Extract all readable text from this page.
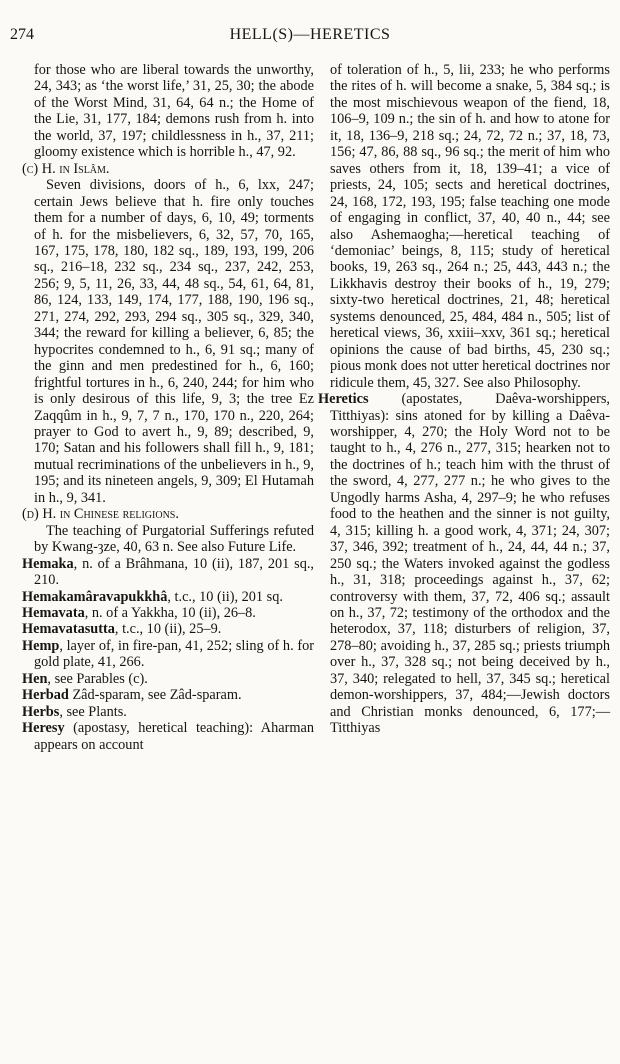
274	HELL(S)—HERETICS

for those who are liberal towards the unworthy, 24, 343; as ‘the worst life,’ 31, 25, 30; the abode of the Worst Mind, 31, 64, 64 n.; the Home of the Lie, 31, 177, 184; demons rush from h. into the world, 37, 197; childlessness in h., 37, 211; gloomy existence which is horrible h., 47, 92.

(c) H. in Islâm.

Seven divisions, doors of h., 6, lxx, 247; certain Jews believe that h. fire only touches them for a number of days, 6, 10, 49; torments of h. for the misbelievers, 6, 32, 57, 70, 165, 167, 175, 178, 180, 182 sq., 189, 193, 199, 206 sq., 216–18, 232 sq., 234 sq., 237, 242, 253, 256; 9, 5, 11, 26, 33, 44, 48 sq., 54, 61, 64, 81, 86, 124, 133, 149, 174, 177, 188, 190, 196 sq., 271, 274, 292, 293, 294 sq., 305 sq., 329, 340, 344; the reward for killing a believer, 6, 85; the hypocrites condemned to h., 6, 91 sq.; many of the ginn and men predestined for h., 6, 160; frightful tortures in h., 6, 240, 244; for him who is only desirous of this life, 9, 3; the tree Ez Zaqqûm in h., 9, 7, 7 n., 170, 170 n., 220, 264; prayer to God to avert h., 9, 89; described, 9, 170; Satan and his followers shall fill h., 9, 181; mutual recriminations of the unbelievers in h., 9, 195; and its nineteen angels, 9, 309; El Hutamah in h., 9, 341.

(d) H. in Chinese religions.

The teaching of Purgatorial Sufferings refuted by Kwang-ȝze, 40, 63 n. See also Future Life.

Hemaka, n. of a Brâhmana, 10 (ii), 187, 201 sq., 210.

Hemakamâravapukkhâ, t.c., 10 (ii), 201 sq.

Hemavata, n. of a Yakkha, 10 (ii), 26–8.

Hemavatasutta, t.c., 10 (ii), 25–9.

Hemp, layer of, in fire-pan, 41, 252; sling of h. for gold plate, 41, 266.

Hen, see Parables (c).

Herbad Zâd-sparam, see Zâd-sparam.

Herbs, see Plants.

Heresy (apostasy, heretical teaching): Aharman appears on account

of toleration of h., 5, lii, 233; he who performs the rites of h. will become a snake, 5, 384 sq.; is the most mischievous weapon of the fiend, 18, 106–9, 109 n.; the sin of h. and how to atone for it, 18, 136–9, 218 sq.; 24, 72, 72 n.; 37, 18, 73, 156; 47, 86, 88 sq., 96 sq.; the merit of him who saves others from it, 18, 139–41; a vice of priests, 24, 105; sects and heretical doctrines, 24, 168, 172, 193, 195; false teaching one mode of engaging in conflict, 37, 40, 40 n., 44; see also Ashemaogha;—heretical teaching of ‘demoniac’ beings, 8, 115; study of heretical books, 19, 263 sq., 264 n.; 25, 443, 443 n.; the Likkhavis destroy their books of h., 19, 279; sixty-two heretical doctrines, 21, 48; heretical systems denounced, 25, 484, 484 n., 505; list of heretical views, 36, xxiii–xxv, 361 sq.; heretical opinions the cause of bad births, 45, 230 sq.; pious monk does not utter heretical doctrines nor ridicule them, 45, 327. See also Philosophy.

Heretics (apostates, Daêva-worshippers, Titthiyas): sins atoned for by killing a Daêva-worshipper, 4, 270; the Holy Word not to be taught to h., 4, 276 n., 277, 315; hearken not to the doctrines of h.; teach him with the thrust of the sword, 4, 277, 277 n.; he who gives to the Ungodly harms Asha, 4, 297–9; he who refuses food to the heathen and the sinner is not guilty, 4, 315; killing h. a good work, 4, 371; 24, 307; 37, 346, 392; treatment of h., 24, 44, 44 n.; 37, 250 sq.; the Waters invoked against the godless h., 31, 318; proceedings against h., 37, 62; controversy with them, 37, 72, 406 sq.; assault on h., 37, 72; testimony of the orthodox and the heterodox, 37, 118; disturbers of religion, 37, 278–80; avoiding h., 37, 285 sq.; priests triumph over h., 37, 328 sq.; not being deceived by h., 37, 340; relegated to hell, 37, 345 sq.; heretical demon-worshippers, 37, 484;—Jewish doctors and Christian monks denounced, 6, 177;—Titthiyas
